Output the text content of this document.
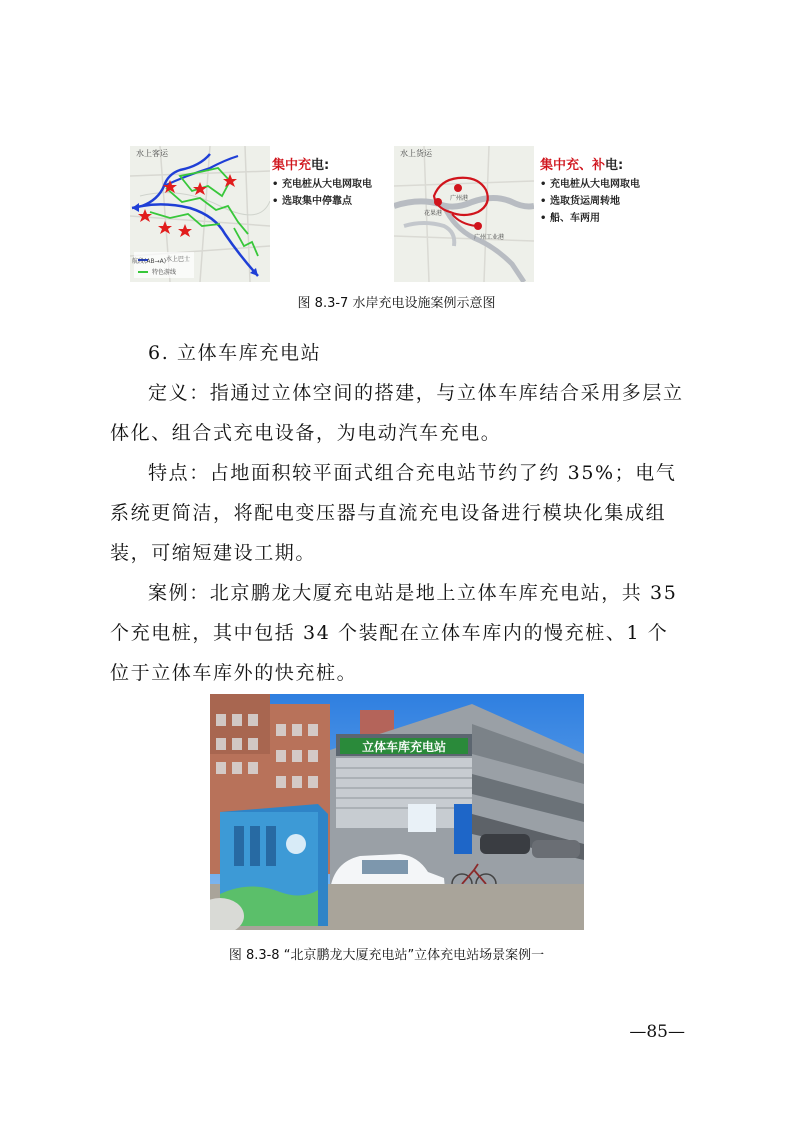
水上客运
航段(AB→A) 水上巴士
特色游线
集中充电:
• 充电桩从大电网取电
• 选取集中停靠点
水上货运
花果港
广州港
广州工业港
集中充、补电:
• 充电桩从大电网取电
• 选取货运周转地
• 船、车两用
图 8.3-7 水岸充电设施案例示意图
6. 立体车库充电站
定义：指通过立体空间的搭建，与立体车库结合采用多层立体化、组合式充电设备，为电动汽车充电。
特点：占地面积较平面式组合充电站节约了约 35%；电气系统更简洁，将配电变压器与直流充电设备进行模块化集成组装，可缩短建设工期。
案例：北京鹏龙大厦充电站是地上立体车库充电站，共 35 个充电桩，其中包括 34 个装配在立体车库内的慢充桩、1 个位于立体车库外的快充桩。
立体车库充电站
图 8.3-8 “北京鹏龙大厦充电站”立体充电站场景案例一
—85—
